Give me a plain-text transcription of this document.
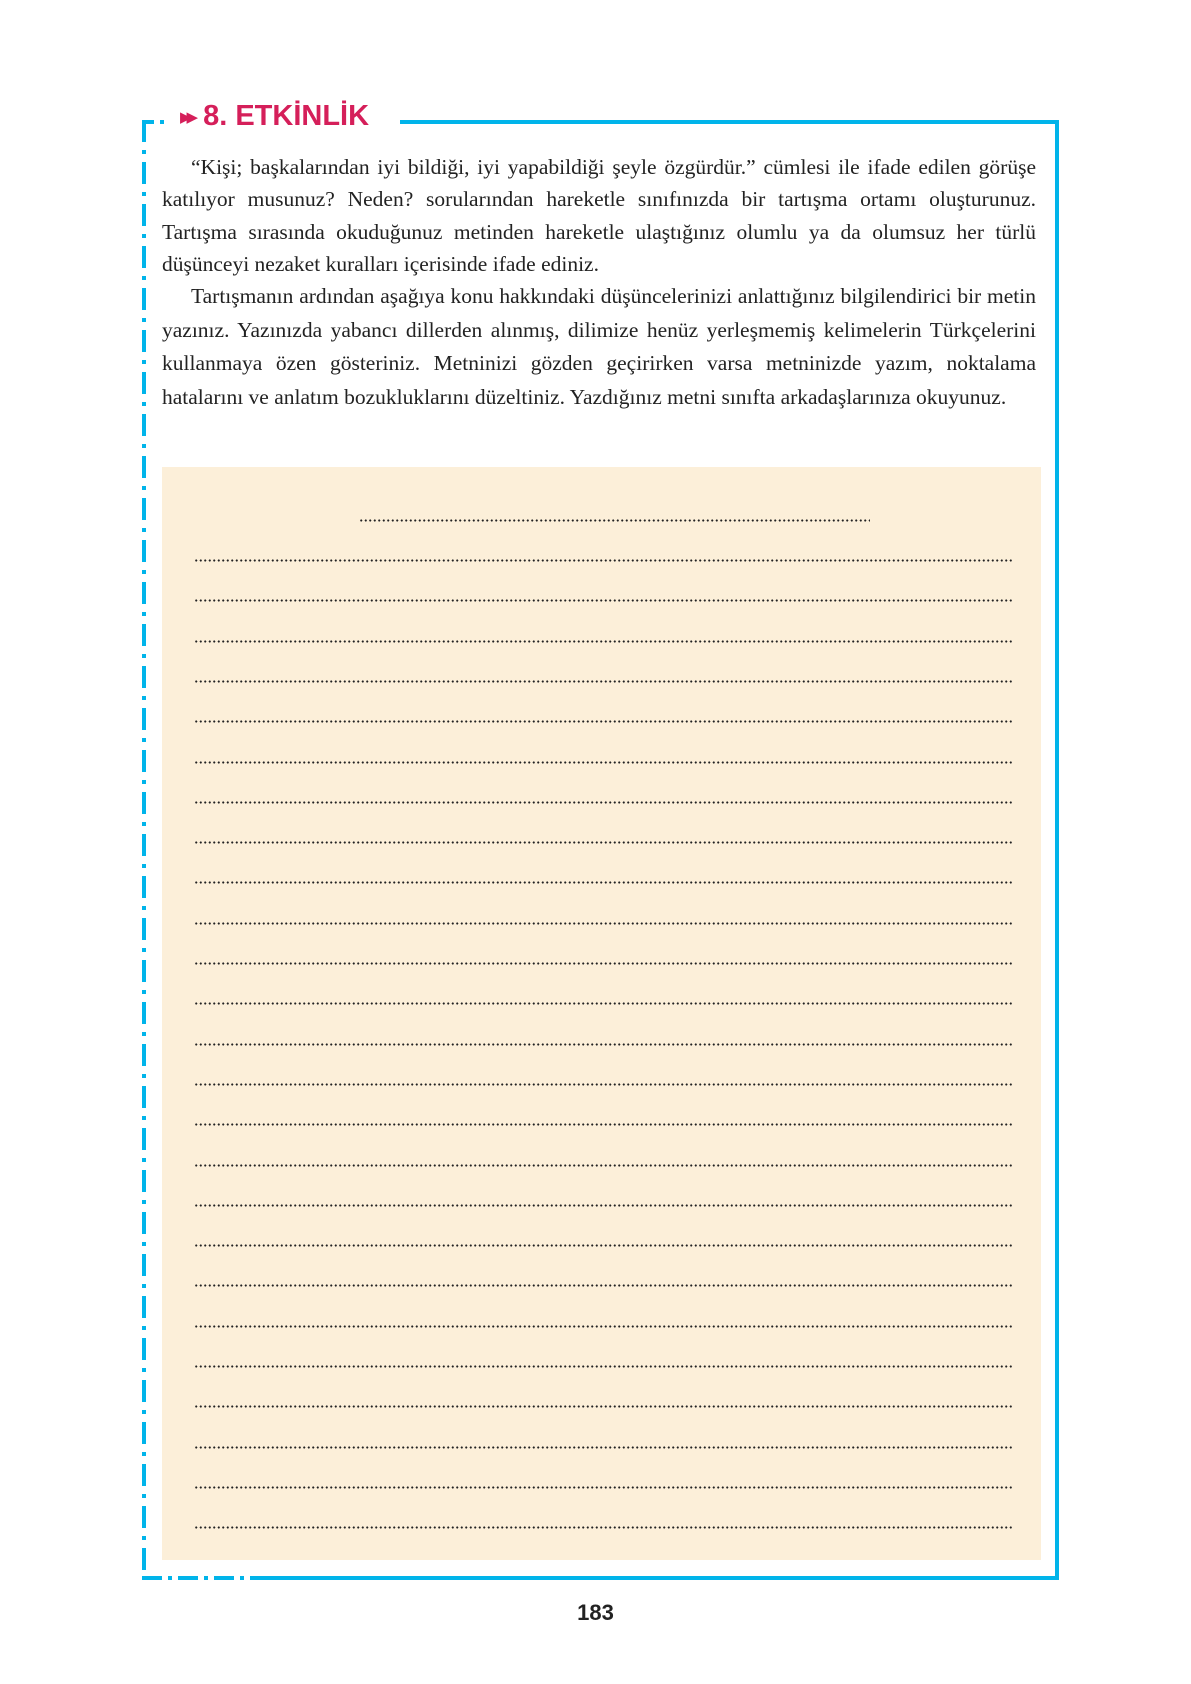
▶▶ 8. ETKİNLİK

“Kişi; başkalarından iyi bildiği, iyi yapabildiği şeyle özgürdür.” cümlesi ile ifade edilen görüşe katılıyor musunuz? Neden? sorularından hareketle sınıfınızda bir tartışma ortamı oluşturunuz. Tartışma sırasında okuduğunuz metinden hareketle ulaştığınız olumlu ya da olumsuz her türlü düşünceyi nezaket kuralları içerisinde ifade ediniz.

Tartışmanın ardından aşağıya konu hakkındaki düşüncelerinizi anlattığınız bilgilendirici bir metin yazınız. Yazınızda yabancı dillerden alınmış, dilimize henüz yerleşmemiş kelimelerin Türkçelerini kullanmaya özen gösteriniz. Metninizi gözden geçirirken varsa metninizde yazım, noktalama hatalarını ve anlatım bozukluklarını düzeltiniz. Yazdığınız metni sınıfta arkadaşlarınıza okuyunuz.

183
